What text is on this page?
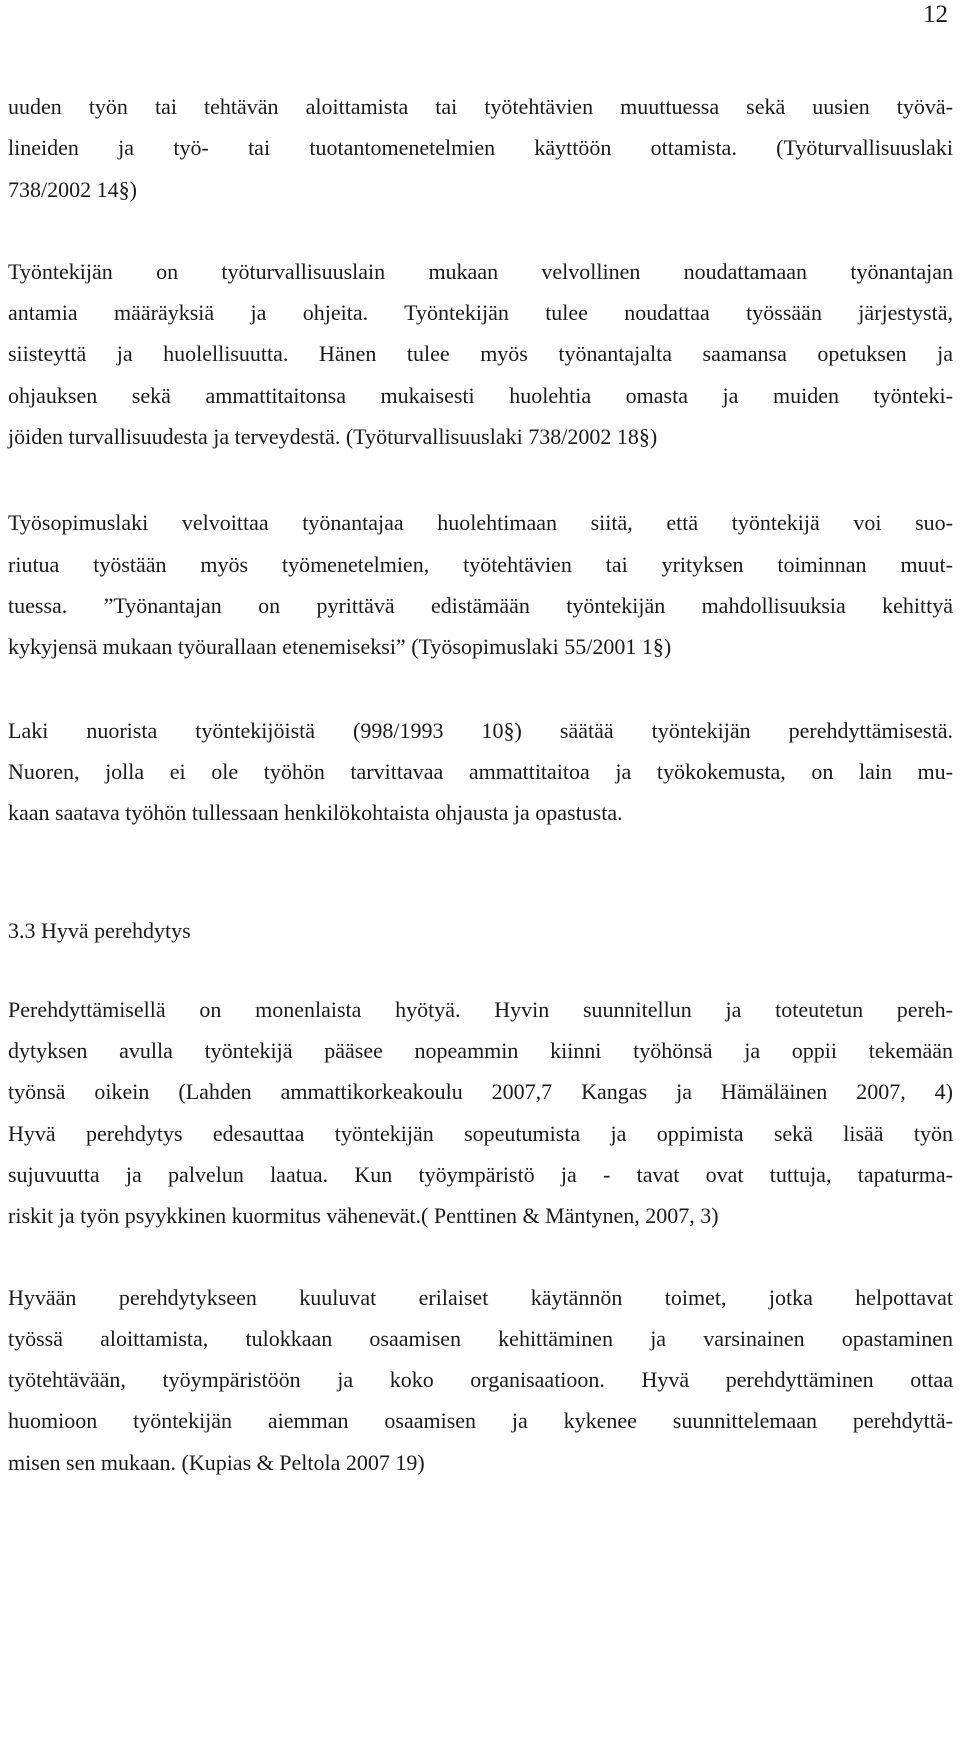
12

uuden työn tai tehtävän aloittamista tai työtehtävien muuttuessa sekä uusien työvä-
lineiden ja työ- tai tuotantomenetelmien käyttöön ottamista. (Työturvallisuuslaki
738/2002 14§)

Työntekijän on työturvallisuuslain mukaan velvollinen noudattamaan työnantajan
antamia määräyksiä ja ohjeita. Työntekijän tulee noudattaa työssään järjestystä,
siisteyttä ja huolellisuutta. Hänen tulee myös työnantajalta saamansa opetuksen ja
ohjauksen sekä ammattitaitonsa mukaisesti huolehtia omasta ja muiden työnteki-
jöiden turvallisuudesta ja terveydestä. (Työturvallisuuslaki 738/2002 18§)

Työsopimuslaki velvoittaa työnantajaa huolehtimaan siitä, että työntekijä voi suo-
riutua työstään myös työmenetelmien, työtehtävien tai yrityksen toiminnan muut-
tuessa. ”Työnantajan on pyrittävä edistämään työntekijän mahdollisuuksia kehittyä
kykyjensä mukaan työurallaan etenemiseksi” (Työsopimuslaki 55/2001 1§)

Laki nuorista työntekijöistä (998/1993 10§) säätää työntekijän perehdyttämisestä.
Nuoren, jolla ei ole työhön tarvittavaa ammattitaitoa ja työkokemusta, on lain mu-
kaan saatava työhön tullessaan henkilökohtaista ohjausta ja opastusta.

3.3 Hyvä perehdytys

Perehdyttämisellä on monenlaista hyötyä. Hyvin suunnitellun ja toteutetun pereh-
dytyksen avulla työntekijä pääsee nopeammin kiinni työhönsä ja oppii tekemään
työnsä oikein (Lahden ammattikorkeakoulu 2007,7 Kangas ja Hämäläinen 2007, 4)
Hyvä perehdytys edesauttaa työntekijän sopeutumista ja oppimista sekä lisää työn
sujuvuutta ja palvelun laatua. Kun työympäristö ja - tavat ovat tuttuja, tapaturma-
riskit ja työn psyykkinen kuormitus vähenevät.( Penttinen & Mäntynen, 2007, 3)

Hyvään perehdytykseen kuuluvat erilaiset käytännön toimet, jotka helpottavat
työssä aloittamista, tulokkaan osaamisen kehittäminen ja varsinainen opastaminen
työtehtävään, työympäristöön ja koko organisaatioon. Hyvä perehdyttäminen ottaa
huomioon työntekijän aiemman osaamisen ja kykenee suunnittelemaan perehdyttä-
misen sen mukaan. (Kupias & Peltola 2007 19)
